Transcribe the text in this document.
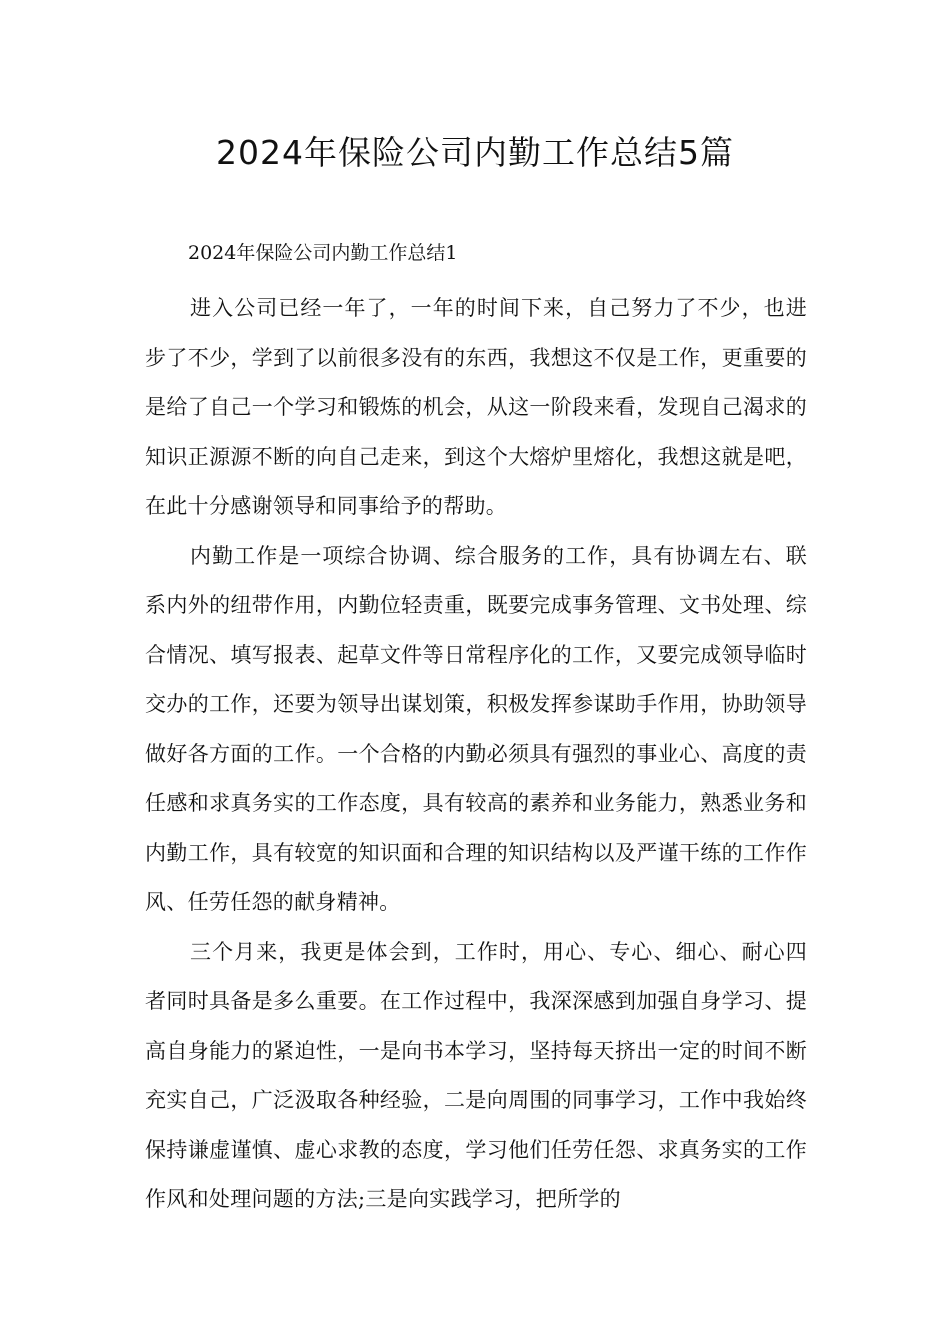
2024年保险公司内勤工作总结5篇

2024年保险公司内勤工作总结1

进入公司已经一年了，一年的时间下来，自己努力了不少，也进步了不少，学到了以前很多没有的东西，我想这不仅是工作，更重要的是给了自己一个学习和锻炼的机会，从这一阶段来看，发现自己渴求的知识正源源不断的向自己走来，到这个大熔炉里熔化，我想这就是吧，在此十分感谢领导和同事给予的帮助。

内勤工作是一项综合协调、综合服务的工作，具有协调左右、联系内外的纽带作用，内勤位轻责重，既要完成事务管理、文书处理、综合情况、填写报表、起草文件等日常程序化的工作，又要完成领导临时交办的工作，还要为领导出谋划策，积极发挥参谋助手作用，协助领导做好各方面的工作。一个合格的内勤必须具有强烈的事业心、高度的责任感和求真务实的工作态度，具有较高的素养和业务能力，熟悉业务和内勤工作，具有较宽的知识面和合理的知识结构以及严谨干练的工作作风、任劳任怨的献身精神。

三个月来，我更是体会到，工作时，用心、专心、细心、耐心四者同时具备是多么重要。在工作过程中，我深深感到加强自身学习、提高自身能力的紧迫性，一是向书本学习，坚持每天挤出一定的时间不断充实自己，广泛汲取各种经验，二是向周围的同事学习，工作中我始终保持谦虚谨慎、虚心求教的态度，学习他们任劳任怨、求真务实的工作作风和处理问题的方法;三是向实践学习，把所学的
